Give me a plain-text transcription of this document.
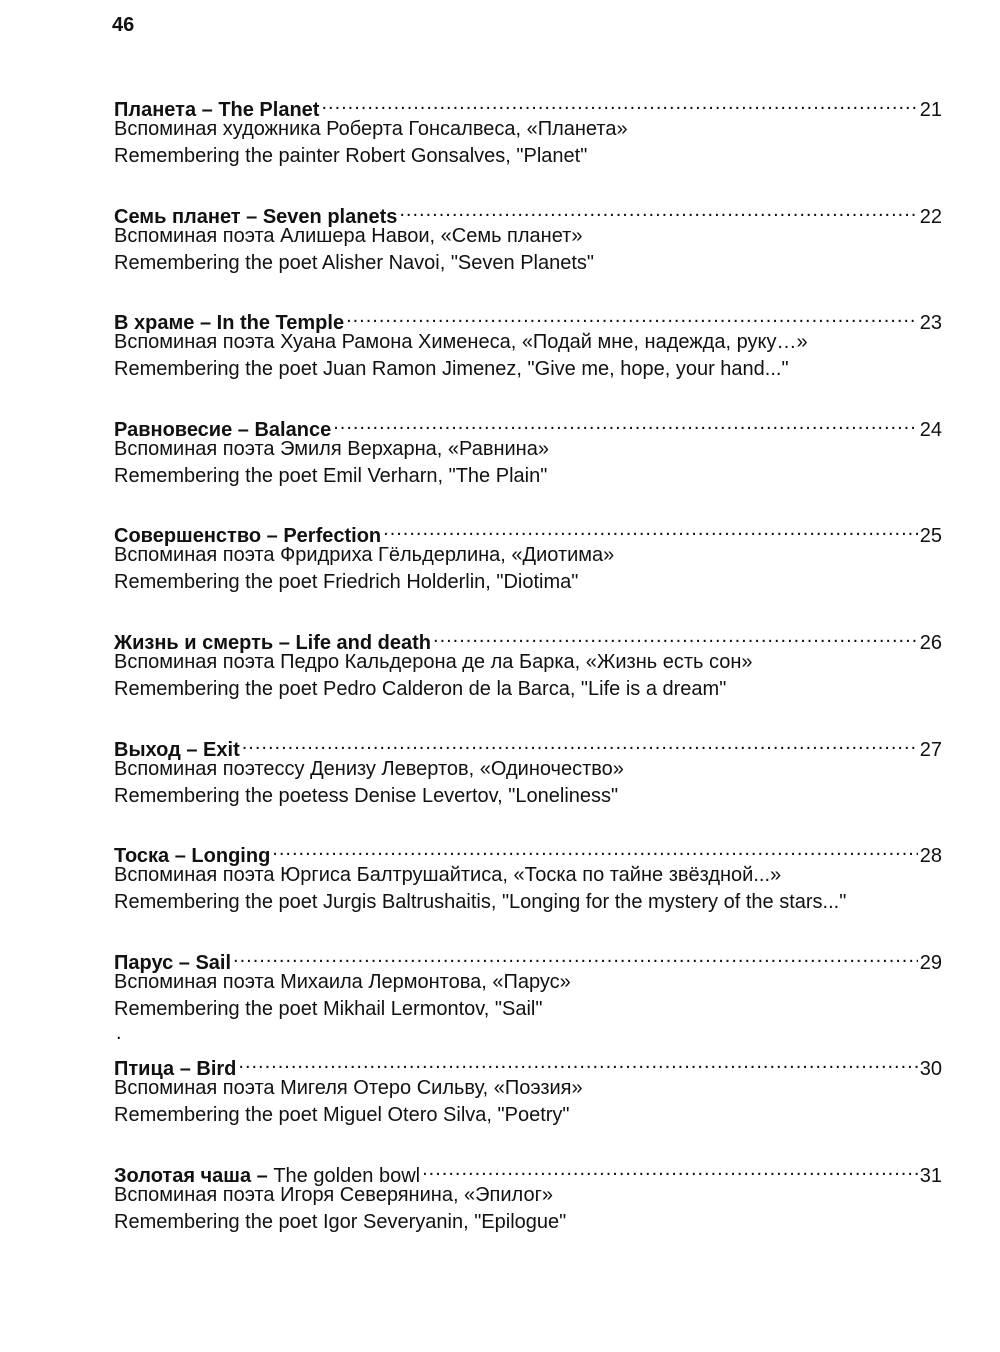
46
Планета – The Planet .....	21
Вспоминая художника Роберта Гонсалвеса, «Планета»
Remembering the painter Robert Gonsalves, "Planet"
Семь планет – Seven planets .....	22
Вспоминая поэта Алишера Навои, «Семь планет»
Remembering the poet Alisher Navoi, "Seven Planets"
В храме – In the Temple .....	23
Вспоминая поэта Хуана Рамона Хименеса, «Подай мне, надежда, руку…»
Remembering the poet Juan Ramon Jimenez, "Give me, hope, your hand..."
Равновесие – Balance .....	24
Вспоминая поэта Эмиля Верхарна, «Равнина»
Remembering the poet Emil Verharn, "The Plain"
Совершенство – Perfection .....	25
Вспоминая поэта Фридриха Гёльдерлина, «Диотима»
Remembering the poet Friedrich Holderlin, "Diotima"
Жизнь и смерть – Life and death .....	26
Вспоминая поэта Педро Кальдерона де ла Барка, «Жизнь есть сон»
Remembering the poet Pedro Calderon de la Barca, "Life is a dream"
Выход – Exit .....	27
Вспоминая поэтессу Денизу Левертов, «Одиночество»
Remembering the poetess Denise Levertov, "Loneliness"
Тоска – Longing .....	28
Вспоминая поэта Юргиса Балтрушайтиса, «Тоска по тайне звёздной...»
Remembering the poet Jurgis Baltrushaitis, "Longing for the mystery of the stars..."
Парус – Sail .....	29
Вспоминая поэта Михаила Лермонтова, «Парус»
Remembering the poet Mikhail Lermontov, "Sail"
Птица – Bird .....	30
Вспоминая поэта Мигеля Отеро Сильву, «Поэзия»
Remembering the poet Miguel Otero Silva, "Poetry"
Золотая чаша – The golden bowl .....	31
Вспоминая поэта Игоря Северянина, «Эпилог»
Remembering the poet Igor Severyanin, "Epilogue"
.
